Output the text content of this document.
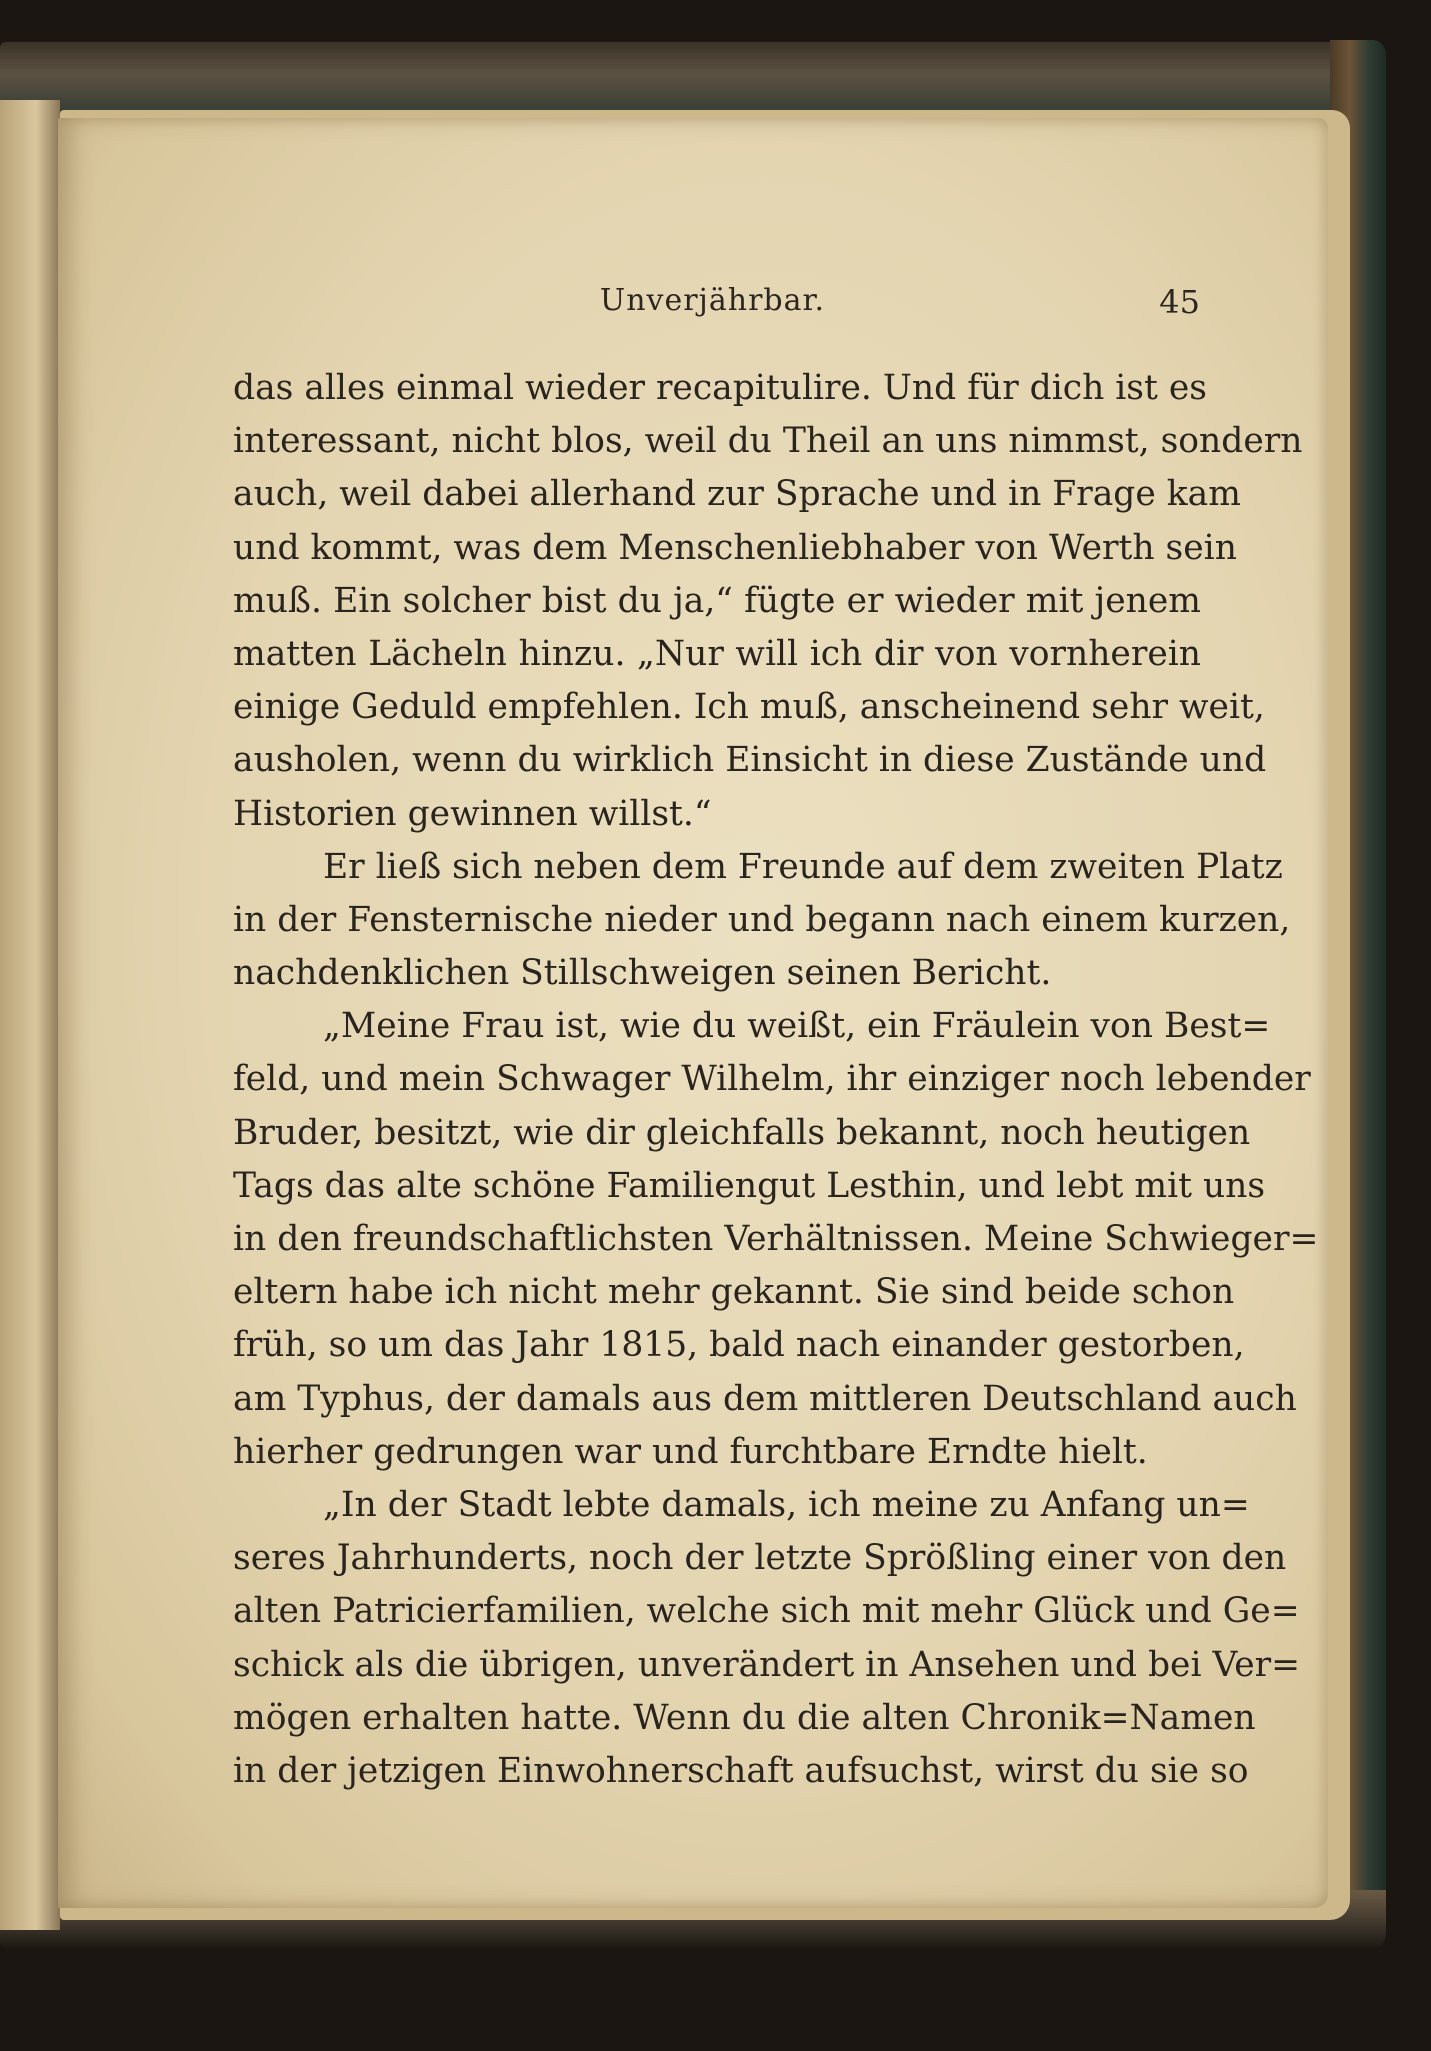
Unverjährbar.	45
das alles einmal wieder recapitulire. Und für dich ist es
interessant, nicht blos, weil du Theil an uns nimmst, sondern
auch, weil dabei allerhand zur Sprache und in Frage kam
und kommt, was dem Menschenliebhaber von Werth sein
muß. Ein solcher bist du ja,“ fügte er wieder mit jenem
matten Lächeln hinzu. „Nur will ich dir von vornherein
einige Geduld empfehlen. Ich muß, anscheinend sehr weit,
ausholen, wenn du wirklich Einsicht in diese Zustände und
Historien gewinnen willst.“
Er ließ sich neben dem Freunde auf dem zweiten Platz
in der Fensternische nieder und begann nach einem kurzen,
nachdenklichen Stillschweigen seinen Bericht.
„Meine Frau ist, wie du weißt, ein Fräulein von Best=
feld, und mein Schwager Wilhelm, ihr einziger noch lebender
Bruder, besitzt, wie dir gleichfalls bekannt, noch heutigen
Tags das alte schöne Familiengut Lesthin, und lebt mit uns
in den freundschaftlichsten Verhältnissen. Meine Schwieger=
eltern habe ich nicht mehr gekannt. Sie sind beide schon
früh, so um das Jahr 1815, bald nach einander gestorben,
am Typhus, der damals aus dem mittleren Deutschland auch
hierher gedrungen war und furchtbare Erndte hielt.
„In der Stadt lebte damals, ich meine zu Anfang un=
seres Jahrhunderts, noch der letzte Sprößling einer von den
alten Patricierfamilien, welche sich mit mehr Glück und Ge=
schick als die übrigen, unverändert in Ansehen und bei Ver=
mögen erhalten hatte. Wenn du die alten Chronik=Namen
in der jetzigen Einwohnerschaft aufsuchst, wirst du sie so
